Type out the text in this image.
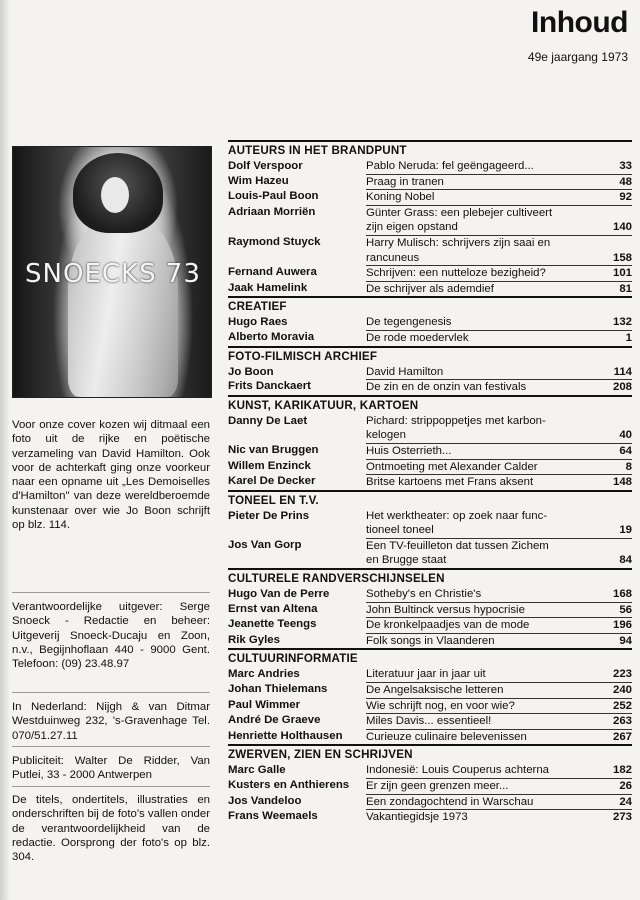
Inhoud
49e jaargang 1973
SNOECKS 73
Voor onze cover kozen wij ditmaal een foto uit de rijke en poëtische verzameling van David Hamilton. Ook voor de achterkaft ging onze voorkeur naar een opname uit „Les Demoiselles d'Hamilton" van deze wereldberoemde kunstenaar over wie Jo Boon schrijft op blz. 114.
Verantwoordelijke uitgever: Serge Snoeck - Redactie en beheer: Uitgeverij Snoeck-Ducaju en Zoon, n.v., Begijnhoflaan 440 - 9000 Gent. Telefoon: (09) 23.48.97
In Nederland: Nijgh & van Ditmar Westduinweg 232, 's-Gravenhage Tel. 070/51.27.11
Publiciteit: Walter De Ridder, Van Putlei, 33 - 2000 Antwerpen
De titels, ondertitels, illustraties en onderschriften bij de foto's vallen onder de verantwoordelijkheid van de redactie. Oorsprong der foto's op blz. 304.
AUTEURS IN HET BRANDPUNT
Dolf Verspoor	Pablo Neruda: fel geëngageerd...	33
Wim Hazeu	Praag in tranen	48
Louis-Paul Boon	Koning Nobel	92
Adriaan Morriën	Günter Grass: een plebejer cultiveert
zijn eigen opstand	140
Raymond Stuyck	Harry Mulisch: schrijvers zijn saai en
rancuneus	158
Fernand Auwera	Schrijven: een nutteloze bezigheid?	101
Jaak Hamelink	De schrijver als ademdief	81
CREATIEF
Hugo Raes	De tegengenesis	132
Alberto Moravia	De rode moedervlek	1
FOTO-FILMISCH ARCHIEF
Jo Boon	David Hamilton	114
Frits Danckaert	De zin en de onzin van festivals	208
KUNST, KARIKATUUR, KARTOEN
Danny De Laet	Pichard: strippoppetjes met karbon-
kelogen	40
Nic van Bruggen	Huis Osterrieth...	64
Willem Enzinck	Ontmoeting met Alexander Calder	8
Karel De Decker	Britse kartoens met Frans aksent	148
TONEEL EN T.V.
Pieter De Prins	Het werktheater: op zoek naar func-
tioneel toneel	19
Jos Van Gorp	Een TV-feuilleton dat tussen Zichem
en Brugge staat	84
CULTURELE RANDVERSCHIJNSELEN
Hugo Van de Perre	Sotheby's en Christie's	168
Ernst van Altena	John Bultinck versus hypocrisie	56
Jeanette Teengs	De kronkelpaadjes van de mode	196
Rik Gyles	Folk songs in Vlaanderen	94
CULTUURINFORMATIE
Marc Andries	Literatuur jaar in jaar uit	223
Johan Thielemans	De Angelsaksische letteren	240
Paul Wimmer	Wie schrijft nog, en voor wie?	252
André De Graeve	Miles Davis... essentieel!	263
Henriette Holthausen	Curieuze culinaire belevenissen	267
ZWERVEN, ZIEN EN SCHRIJVEN
Marc Galle	Indonesië: Louis Couperus achterna	182
Kusters en Anthierens	Er zijn geen grenzen meer...	26
Jos Vandeloo	Een zondagochtend in Warschau	24
Frans Weemaels	Vakantiegidsje 1973	273
